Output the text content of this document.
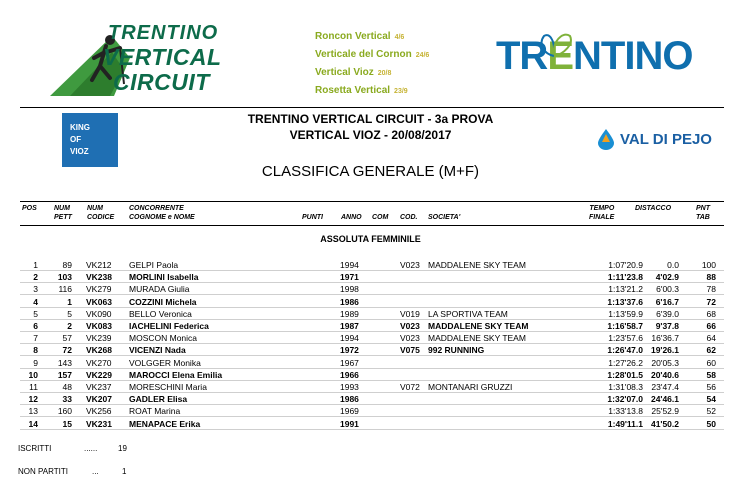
TRENTINO
VERTICAL
CIRCUIT
Roncon Vertical 4/6
Verticale del Cornon 24/6
Vertical Vioz 20/8
Rosetta Vertical 23/9
TRENTINO
KING
OF
VIOZ
TRENTINO VERTICAL CIRCUIT - 3a PROVA
VERTICAL VIOZ - 20/08/2017
CLASSIFICA GENERALE (M+F)
VAL DI PEJO
POS NUM
PETT
NUM
CODICE
CONCORRENTE
COGNOME e NOME	PUNTI	ANNO COM COD. SOCIETA'
TEMPO
FINALE
DISTACCO	PNT
TAB
ASSOLUTA FEMMINILE
1	89 VK212	GELPI Paola	1994	V023 MADDALENE SKY TEAM	1:07'20.9	0.0	100
2	103 VK238	MORLINI Isabella	1971	1:11'23.8	4'02.9	88
3	116 VK279	MURADA Giulia	1998	1:13'21.2	6'00.3	78
4	1 VK063	COZZINI Michela	1986	1:13'37.6	6'16.7	72
5	5 VK090	BELLO Veronica	1989	V019 LA SPORTIVA TEAM	1:13'59.9	6'39.0	68
6	2 VK083	IACHELINI Federica	1987	V023 MADDALENE SKY TEAM	1:16'58.7	9'37.8	66
7	57 VK239	MOSCON Monica	1994	V023 MADDALENE SKY TEAM	1:23'57.6 16'36.7	64
8	72 VK268	VICENZI Nada	1972	V075 992 RUNNING	1:26'47.0 19'26.1	62
9	143 VK270	VOLGGER Monika	1967	1:27'26.2 20'05.3	60
10	157 VK229	MAROCCI Elena Emilia	1966	1:28'01.5 20'40.6	58
11	48 VK237	MORESCHINI Maria	1993	V072 MONTANARI GRUZZI	1:31'08.3 23'47.4	56
12	33 VK207	GADLER Elisa	1986	1:32'07.0 24'46.1	54
13	160 VK256	ROAT Marina	1969	1:33'13.8 25'52.9	52
14	15 VK231	MENAPACE Erika	1991	1:49'11.1 41'50.2	50
ISCRITTI	......	19
NON PARTITI	...	1
